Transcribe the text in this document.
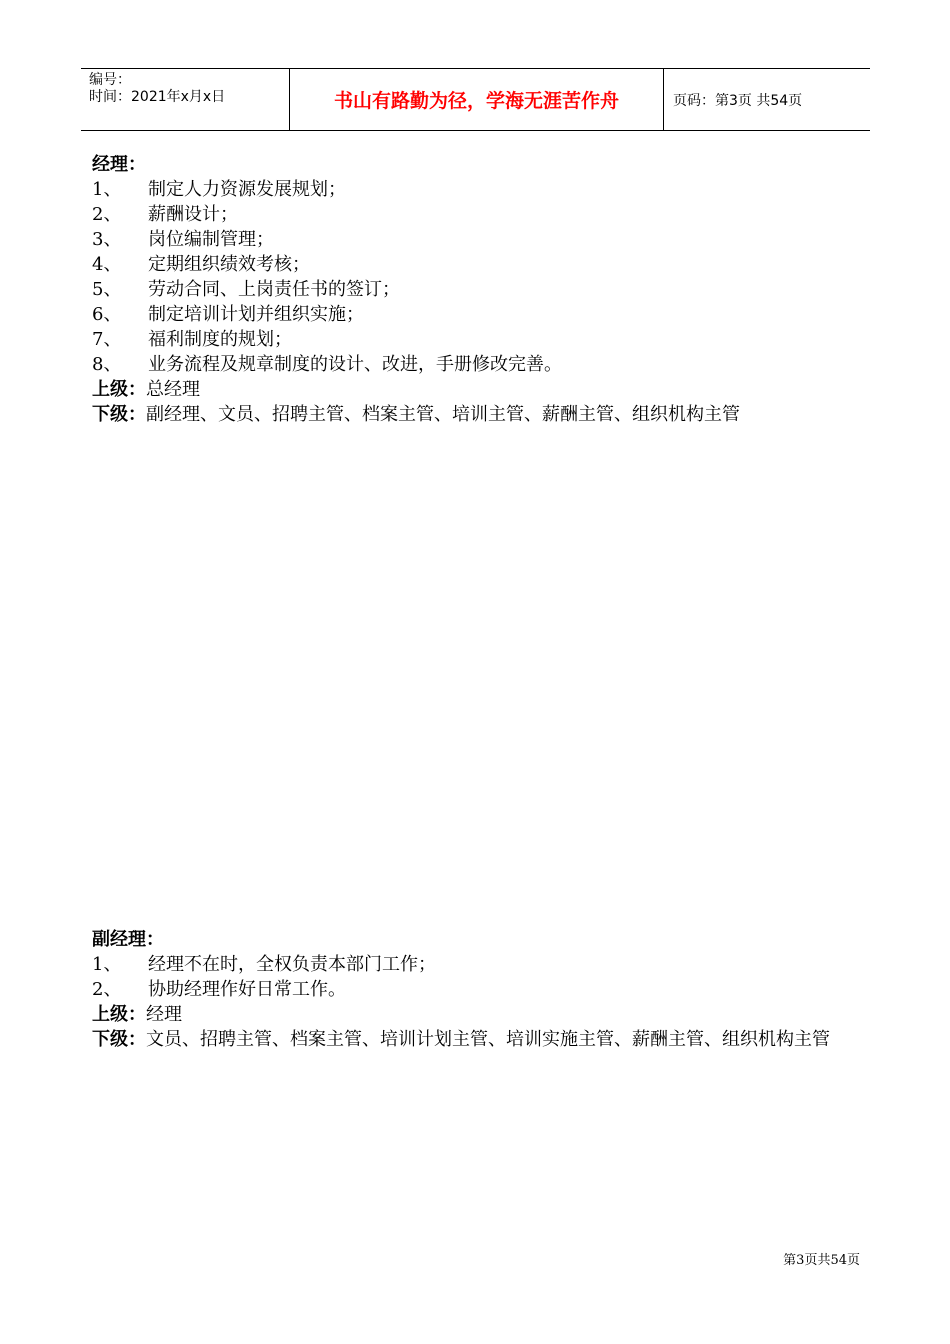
编号：
时间：2021年x月x日	书山有路勤为径，学海无涯苦作舟	页码：第3页 共54页
经理：
1、	制定人力资源发展规划；
2、	薪酬设计；
3、	岗位编制管理；
4、	定期组织绩效考核；
5、	劳动合同、上岗责任书的签订；
6、	制定培训计划并组织实施；
7、	福利制度的规划；
8、	业务流程及规章制度的设计、改进，手册修改完善。
上级： 总经理
下级： 副经理、文员、招聘主管、档案主管、培训主管、薪酬主管、组织机构主管
副经理：
1、	经理不在时，全权负责本部门工作；
2、	协助经理作好日常工作。
上级： 经理
下级： 文员、招聘主管、档案主管、培训计划主管、培训实施主管、薪酬主管、组织机构主管
第3页共54页
